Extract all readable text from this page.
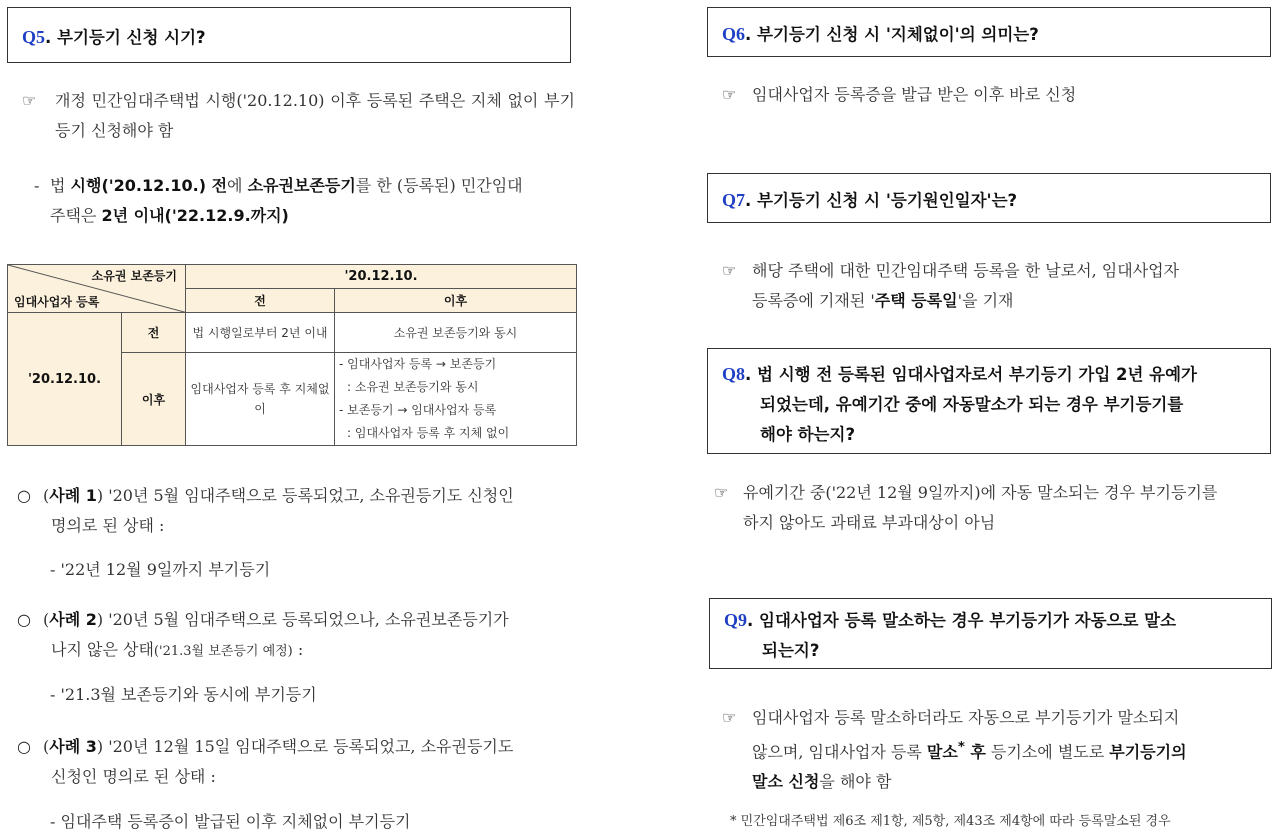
Q5. 부기등기 신청 시기?
☞ 개정 민간임대주택법 시행('20.12.10) 이후 등록된 주택은 지체 없이 부기등기 신청해야 함
- 법 시행('20.12.10.) 전에 소유권보존등기를 한 (등록된) 민간임대
주택은 2년 이내('22.12.9.까지)
소유권 보존등기
임대사업자 등록		'20.12.10.	
		전	이후
'20.12.10.	전	법 시행일로부터 2년 이내	소유권 보존등기와 동시
	이후	임대사업자 등록 후 지체없이	- 임대사업자 등록 → 보존등기
: 소유권 보존등기와 동시
- 보존등기 → 임대사업자 등록
: 임대사업자 등록 후 지체 없이
○ (사례 1) '20년 5월 임대주택으로 등록되었고, 소유권등기도 신청인
명의로 된 상태 :
- '22년 12월 9일까지 부기등기
○ (사례 2) '20년 5월 임대주택으로 등록되었으나, 소유권보존등기가
나지 않은 상태('21.3월 보존등기 예정) :
- '21.3월 보존등기와 동시에 부기등기
○ (사례 3) '20년 12월 15일 임대주택으로 등록되었고, 소유권등기도
신청인 명의로 된 상태 :
- 임대주택 등록증이 발급된 이후 지체없이 부기등기
Q6. 부기등기 신청 시 '지체없이'의 의미는?
☞ 임대사업자 등록증을 발급 받은 이후 바로 신청
Q7. 부기등기 신청 시 '등기원인일자'는?
☞ 해당 주택에 대한 민간임대주택 등록을 한 날로서, 임대사업자
등록증에 기재된 '주택 등록일'을 기재
Q8. 법 시행 전 등록된 임대사업자로서 부기등기 가입 2년 유예가
되었는데, 유예기간 중에 자동말소가 되는 경우 부기등기를
해야 하는지?
☞ 유예기간 중('22년 12월 9일까지)에 자동 말소되는 경우 부기등기를
하지 않아도 과태료 부과대상이 아님
Q9. 임대사업자 등록 말소하는 경우 부기등기가 자동으로 말소
되는지?
☞ 임대사업자 등록 말소하더라도 자동으로 부기등기가 말소되지
않으며, 임대사업자 등록 말소* 후 등기소에 별도로 부기등기의
말소 신청을 해야 함
* 민간임대주택법 제6조 제1항, 제5항, 제43조 제4항에 따라 등록말소된 경우
